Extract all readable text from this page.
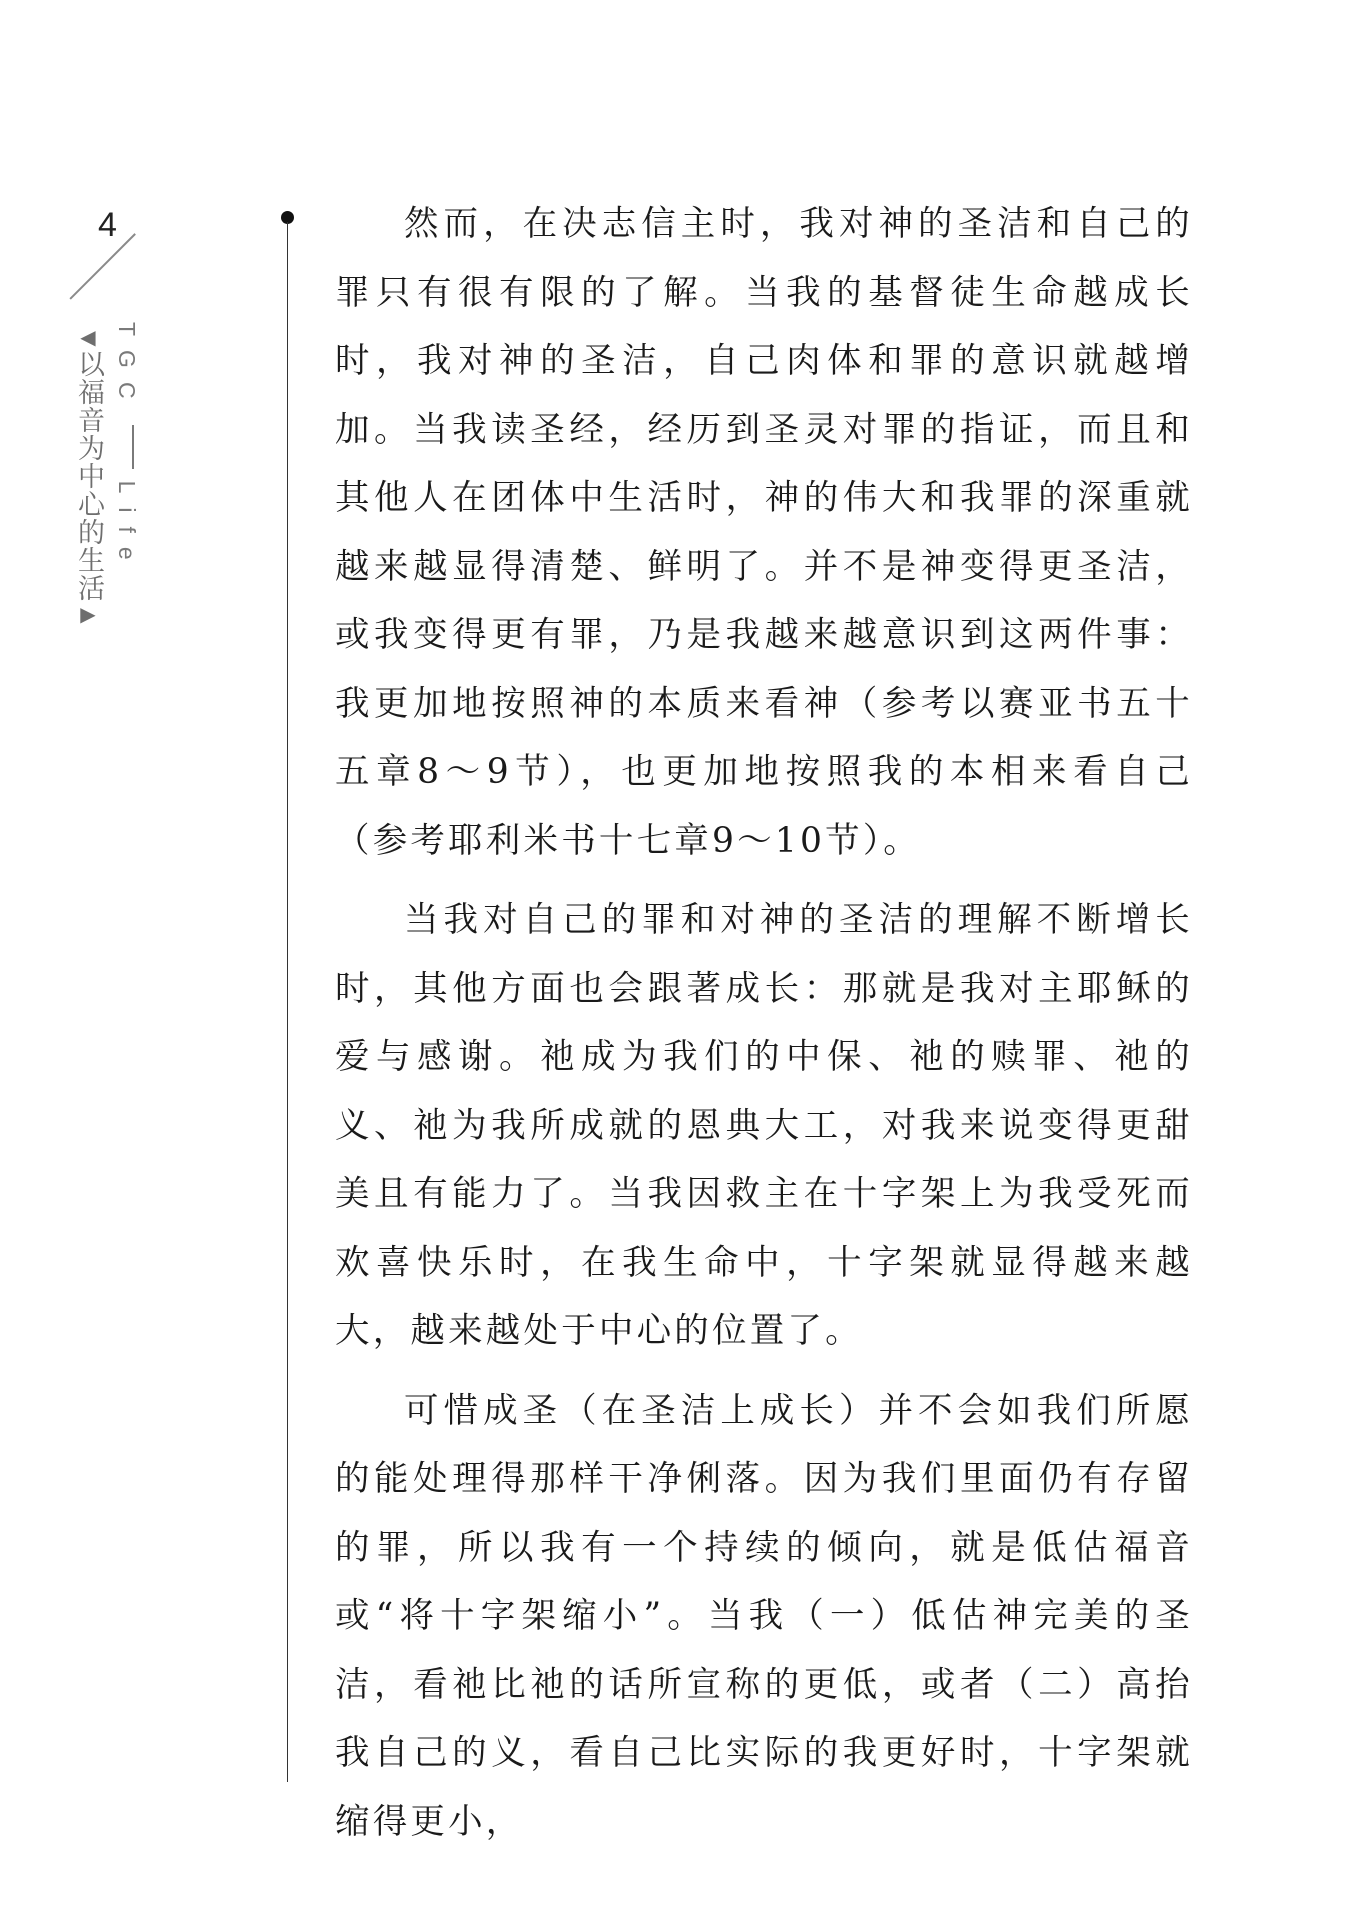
4
◀以福音为中心的生活▶
TGCLife

然而，在决志信主时，我对神的圣洁和自己的罪只有很有限的了解。当我的基督徒生命越成长时，我对神的圣洁，自己肉体和罪的意识就越增加。当我读圣经，经历到圣灵对罪的指证，而且和其他人在团体中生活时，神的伟大和我罪的深重就越来越显得清楚、鲜明了。并不是神变得更圣洁，或我变得更有罪，乃是我越来越意识到这两件事：我更加地按照神的本质来看神（参考以赛亚书五十五章8～9节），也更加地按照我的本相来看自己（参考耶利米书十七章9～10节）。

当我对自己的罪和对神的圣洁的理解不断增长时，其他方面也会跟著成长：那就是我对主耶稣的爱与感谢。祂成为我们的中保、祂的赎罪、祂的义、祂为我所成就的恩典大工，对我来说变得更甜美且有能力了。当我因救主在十字架上为我受死而欢喜快乐时，在我生命中，十字架就显得越来越大，越来越处于中心的位置了。

可惜成圣（在圣洁上成长）并不会如我们所愿的能处理得那样干净俐落。因为我们里面仍有存留的罪，所以我有一个持续的倾向，就是低估福音或“将十字架缩小”。当我（一）低估神完美的圣洁，看祂比祂的话所宣称的更低，或者（二）高抬我自己的义，看自己比实际的我更好时，十字架就缩得更小，
